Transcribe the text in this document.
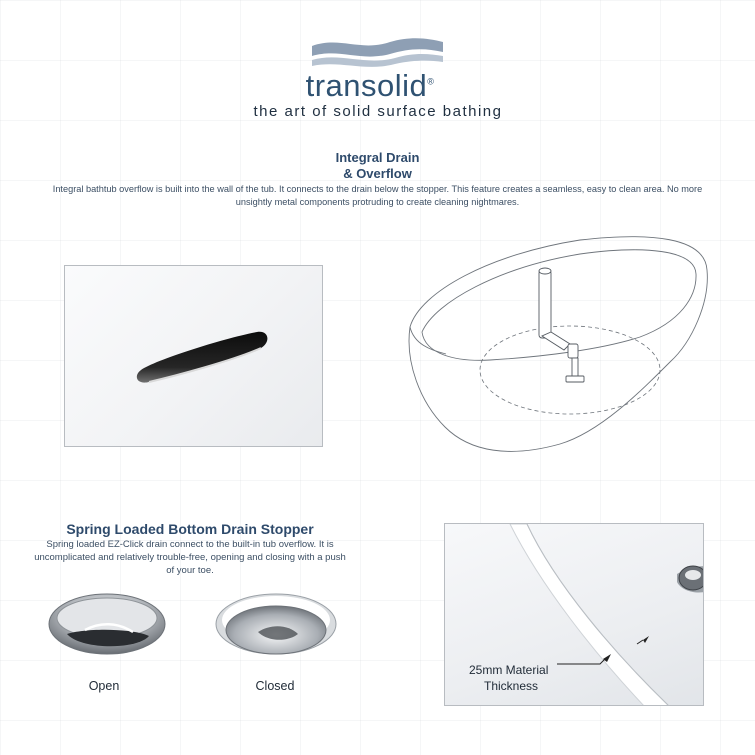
transolid®
the art of solid surface bathing
Integral Drain
& Overflow
Integral bathtub overflow is built into the wall of the tub. It connects to the drain below the stopper. This feature creates a seamless, easy to clean area. No more unsightly metal components protruding to create cleaning nightmares.
Spring Loaded Bottom Drain Stopper
Spring loaded EZ-Click drain connect to the built-in tub overflow. It is uncomplicated and relatively trouble-free, opening and closing with a push of your toe.
Open	Closed
25mm Material
Thickness
